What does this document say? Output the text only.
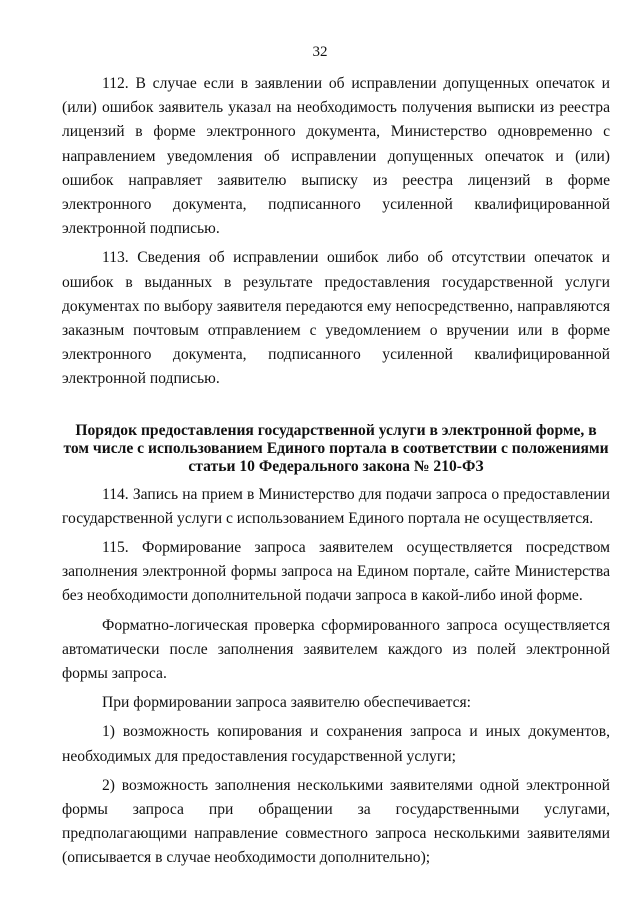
32

112. В случае если в заявлении об исправлении допущенных опечаток и (или) ошибок заявитель указал на необходимость получения выписки из реестра лицензий в форме электронного документа, Министерство одновременно с направлением уведомления об исправлении допущенных опечаток и (или) ошибок направляет заявителю выписку из реестра лицензий в форме электронного документа, подписанного усиленной квалифицированной электронной подписью.

113. Сведения об исправлении ошибок либо об отсутствии опечаток и ошибок в выданных в результате предоставления государственной услуги документах по выбору заявителя передаются ему непосредственно, направляются заказным почтовым отправлением с уведомлением о вручении или в форме электронного документа, подписанного усиленной квалифицированной электронной подписью.

Порядок предоставления государственной услуги в электронной форме, в том числе с использованием Единого портала в соответствии с положениями статьи 10 Федерального закона № 210-ФЗ

114. Запись на прием в Министерство для подачи запроса о предоставлении государственной услуги с использованием Единого портала не осуществляется.

115. Формирование запроса заявителем осуществляется посредством заполнения электронной формы запроса на Едином портале, сайте Министерства без необходимости дополнительной подачи запроса в какой-либо иной форме.

Форматно-логическая проверка сформированного запроса осуществляется автоматически после заполнения заявителем каждого из полей электронной формы запроса.

При формировании запроса заявителю обеспечивается:

1) возможность копирования и сохранения запроса и иных документов, необходимых для предоставления государственной услуги;

2) возможность заполнения несколькими заявителями одной электронной формы запроса при обращении за государственными услугами, предполагающими направление совместного запроса несколькими заявителями (описывается в случае необходимости дополнительно);
